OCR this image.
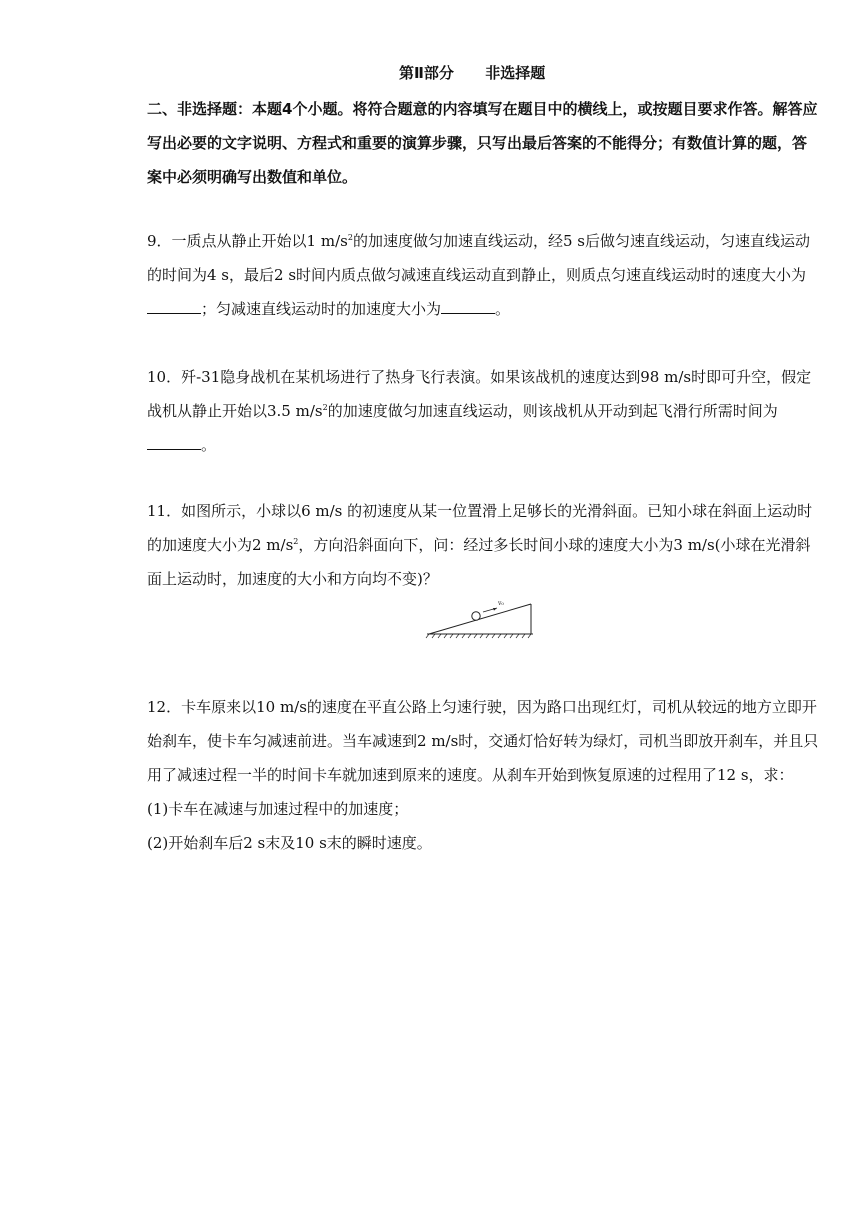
第Ⅱ部分      非选择题
二、非选择题：本题4个小题。将符合题意的内容填写在题目中的横线上，或按题目要求作答。解答应写出必要的文字说明、方程式和重要的演算步骤，只写出最后答案的不能得分；有数值计算的题，答案中必须明确写出数值和单位。
9．一质点从静止开始以1 $m/s^2$的加速度做匀加速直线运动，经5 s后做匀速直线运动，匀速直线运动的时间为4 s，最后2 s时间内质点做匀减速直线运动直到静止，则质点匀速直线运动时的速度大小为；匀减速直线运动时的加速度大小为	。
10．歼-31隐身战机在某机场进行了热身飞行表演。如果该战机的速度达到98 m/s时即可升空，假定战机从静止开始以3.5 $m/s^2$的加速度做匀加速直线运动，则该战机从开动到起飞滑行所需时间为。
11．如图所示，小球以6 m/s 的初速度从某一位置滑上足够长的光滑斜面。已知小球在斜面上运动时的加速度大小为2 $m/s^2$，方向沿斜面向下，问：经过多长时间小球的速度大小为3 m/s(小球在光滑斜面上运动时，加速度的大小和方向均不变)？
v₀
12．卡车原来以10 m/s的速度在平直公路上匀速行驶，因为路口出现红灯，司机从较远的地方立即开始刹车，使卡车匀减速前进。当车减速到2 m/s时，交通灯恰好转为绿灯，司机当即放开刹车，并且只用了减速过程一半的时间卡车就加速到原来的速度。从刹车开始到恢复原速的过程用了12 s，求：
(1)卡车在减速与加速过程中的加速度；
(2)开始刹车后2 s末及10 s末的瞬时速度。
